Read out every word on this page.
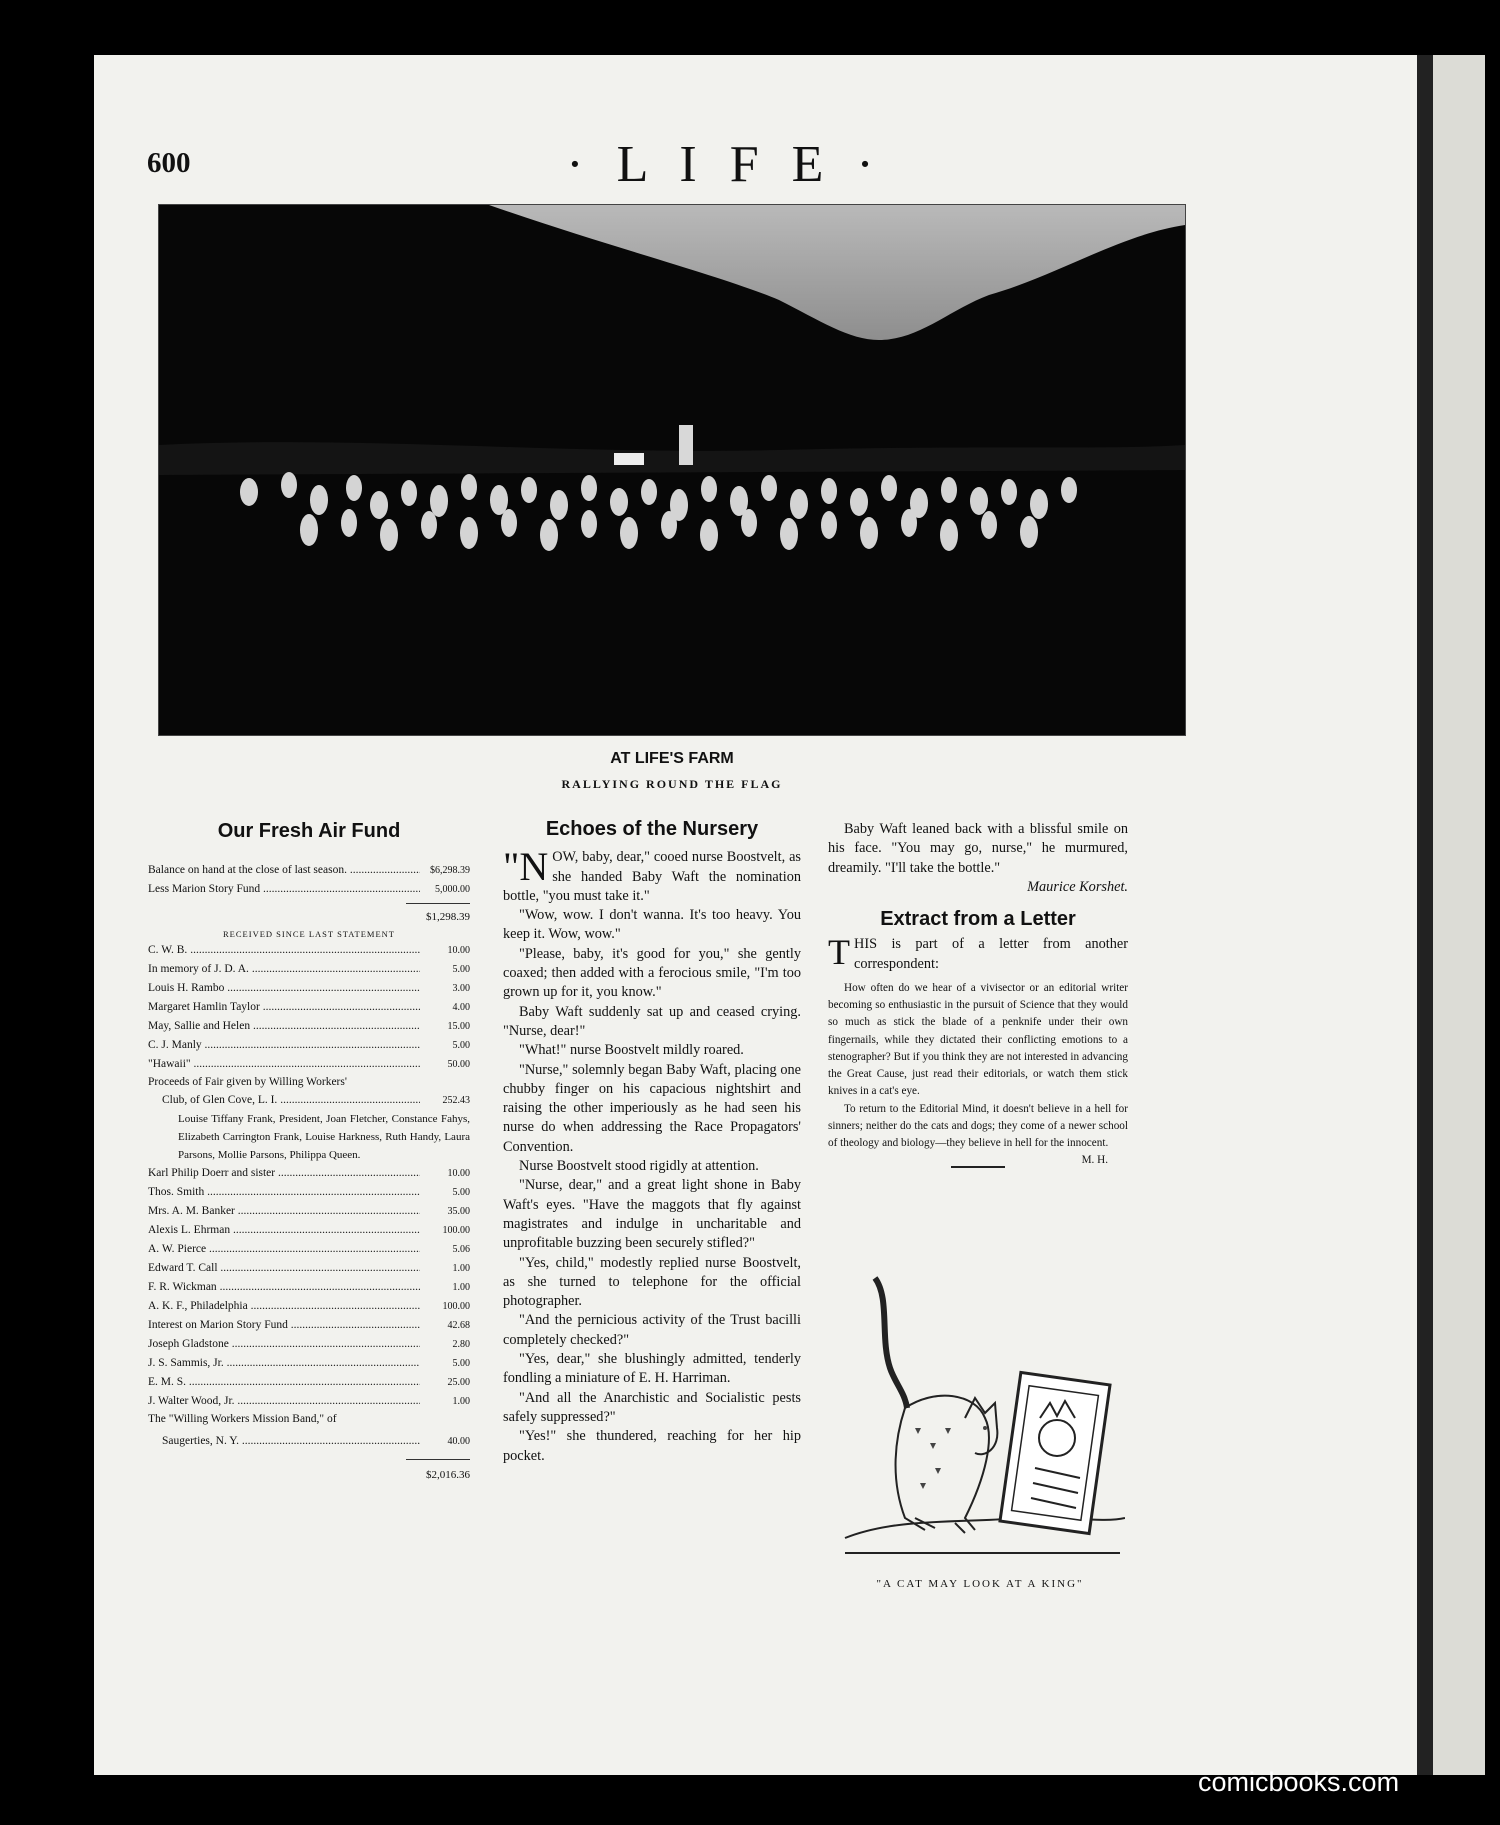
600	· L I F E ·
AT LIFE'S FARM
RALLYING ROUND THE FLAG
Our Fresh Air Fund
Balance on hand at the close of last season. .....	$6,298.39
Less Marion Story Fund .....	5,000.00
$1,298.39
RECEIVED SINCE LAST STATEMENT
C. W. B. .....	10.00
In memory of J. D. A. .....	5.00
Louis H. Rambo .....	3.00
Margaret Hamlin Taylor .....	4.00
May, Sallie and Helen .....	15.00
C. J. Manly .....	5.00
"Hawaii" .....	50.00
Proceeds of Fair given by Willing Workers'
Club, of Glen Cove, L. I. .....	252.43
Louise Tiffany Frank, President, Joan Fletcher, Constance Fahys, Elizabeth Carrington Frank, Louise Harkness, Ruth Handy, Laura Parsons, Mollie Parsons, Philippa Queen.
Karl Philip Doerr and sister .....	10.00
Thos. Smith .....	5.00
Mrs. A. M. Banker .....	35.00
Alexis L. Ehrman .....	100.00
A. W. Pierce .....	5.06
Edward T. Call .....	1.00
F. R. Wickman .....	1.00
A. K. F., Philadelphia .....	100.00
Interest on Marion Story Fund .....	42.68
Joseph Gladstone .....	2.80
J. S. Sammis, Jr. .....	5.00
E. M. S. .....	25.00
J. Walter Wood, Jr. .....	1.00
The "Willing Workers Mission Band," of
Saugerties, N. Y. .....	40.00
$2,016.36
Echoes of the Nursery

"NOW, baby, dear," cooed nurse Boostvelt, as she handed Baby Waft the nomination bottle, "you must take it."

"Wow, wow. I don't wanna. It's too heavy. You keep it. Wow, wow."

"Please, baby, it's good for you," she gently coaxed; then added with a ferocious smile, "I'm too grown up for it, you know."

Baby Waft suddenly sat up and ceased crying. "Nurse, dear!"

"What!" nurse Boostvelt mildly roared.

"Nurse," solemnly began Baby Waft, placing one chubby finger on his capacious nightshirt and raising the other imperiously as he had seen his nurse do when addressing the Race Propagators' Convention.

Nurse Boostvelt stood rigidly at attention.

"Nurse, dear," and a great light shone in Baby Waft's eyes. "Have the maggots that fly against magistrates and indulge in uncharitable and unprofitable buzzing been securely stifled?"

"Yes, child," modestly replied nurse Boostvelt, as she turned to telephone for the official photographer.

"And the pernicious activity of the Trust bacilli completely checked?"

"Yes, dear," she blushingly admitted, tenderly fondling a miniature of E. H. Harriman.

"And all the Anarchistic and Socialistic pests safely suppressed?"

"Yes!" she thundered, reaching for her hip pocket.

Baby Waft leaned back with a blissful smile on his face. "You may go, nurse," he murmured, dreamily. "I'll take the bottle."

Maurice Korshet.
Extract from a Letter

THIS is part of a letter from another correspondent:

How often do we hear of a vivisector or an editorial writer becoming so enthusiastic in the pursuit of Science that they would so much as stick the blade of a penknife under their own fingernails, while they dictated their conflicting emotions to a stenographer? But if you think they are not interested in advancing the Great Cause, just read their editorials, or watch them stick knives in a cat's eye.

To return to the Editorial Mind, it doesn't believe in a hell for sinners; neither do the cats and dogs; they come of a newer school of theology and biology—they believe in hell for the innocent.
M. H.

"A CAT MAY LOOK AT A KING"
comicbooks.com
